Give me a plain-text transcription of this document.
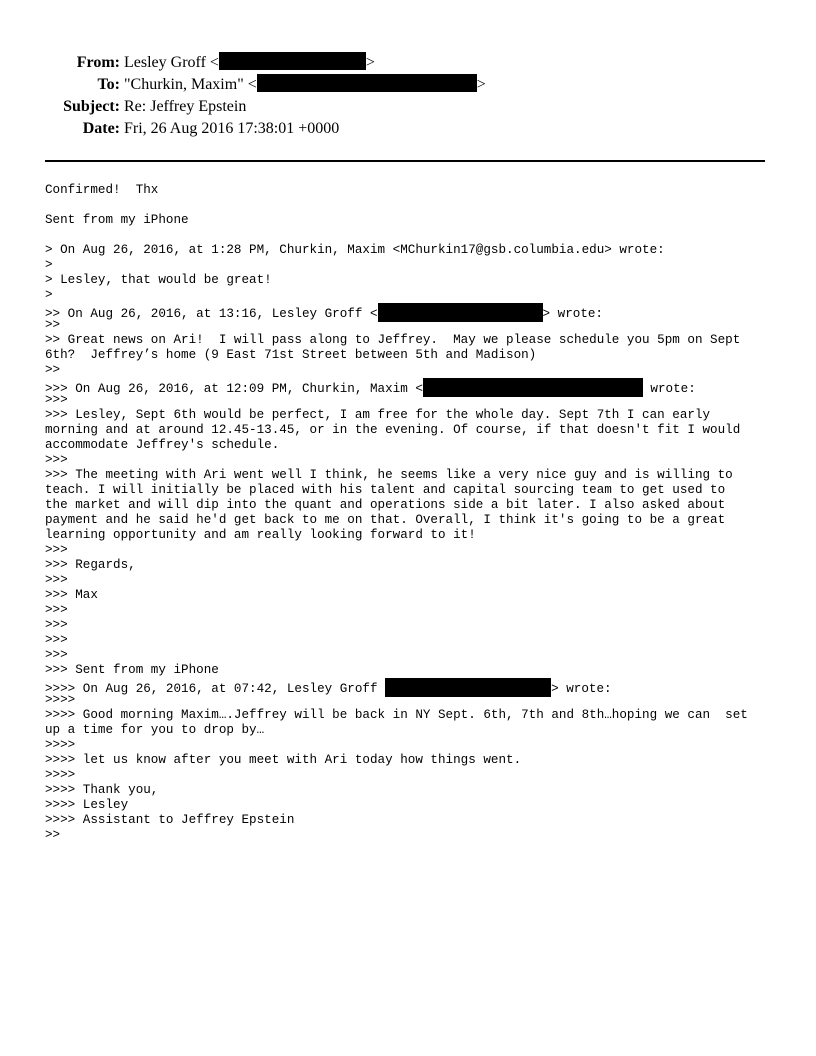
From: Lesley Groff <	>
To: "Churkin, Maxim" <	>
Subject: Re: Jeffrey Epstein
Date: Fri, 26 Aug 2016 17:38:01 +0000
Confirmed!  Thx
Sent from my iPhone
> On Aug 26, 2016, at 1:28 PM, Churkin, Maxim <MChurkin17@gsb.columbia.edu> wrote:
>
> Lesley, that would be great!
>
>> On Aug 26, 2016, at 13:16, Lesley Groff <	> wrote:
>>
>> Great news on Ari!  I will pass along to Jeffrey.  May we please schedule you 5pm on Sept
6th?  Jeffrey’s home (9 East 71st Street between 5th and Madison)
>>
>>> On Aug 26, 2016, at 12:09 PM, Churkin, Maxim <	wrote:
>>>
>>> Lesley, Sept 6th would be perfect, I am free for the whole day. Sept 7th I can early
morning and at around 12.45-13.45, or in the evening. Of course, if that doesn't fit I would
accommodate Jeffrey's schedule.
>>>
>>> The meeting with Ari went well I think, he seems like a very nice guy and is willing to
teach. I will initially be placed with his talent and capital sourcing team to get used to
the market and will dip into the quant and operations side a bit later. I also asked about
payment and he said he'd get back to me on that. Overall, I think it's going to be a great
learning opportunity and am really looking forward to it!
>>>
>>> Regards,
>>>
>>> Max
>>>
>>>
>>>
>>>
>>> Sent from my iPhone
>>>> On Aug 26, 2016, at 07:42, Lesley Groff	> wrote:
>>>>
>>>> Good morning Maxim….Jeffrey will be back in NY Sept. 6th, 7th and 8th…hoping we can  set
up a time for you to drop by…
>>>>
>>>> let us know after you meet with Ari today how things went.
>>>>
>>>> Thank you,
>>>> Lesley
>>>> Assistant to Jeffrey Epstein
>>
